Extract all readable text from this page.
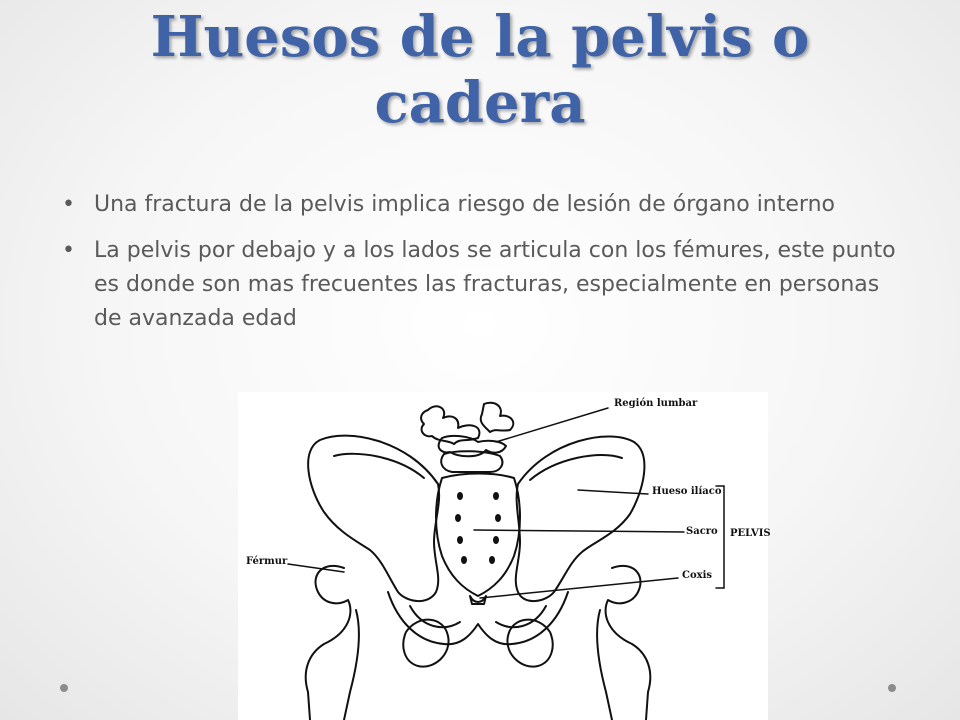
Huesos de la pelvis o cadera
• Una fractura de la pelvis implica riesgo de lesión de órgano interno
• La pelvis por debajo y a los lados se articula con los fémures, este punto es donde son mas frecuentes las fracturas, especialmente en personas de avanzada edad
Región lumbar
Hueso ilíaco
Sacro
Coxis
PELVIS
Férmur
